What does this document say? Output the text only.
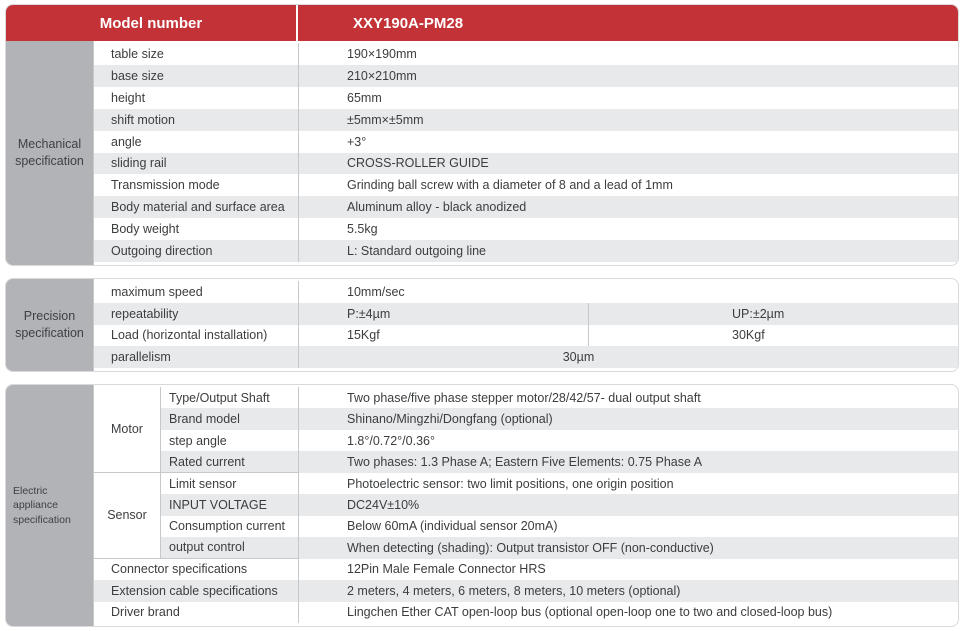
Model number	XXY190A-PM28
Mechanical
specification
table size	190×190mm
base size	210×210mm
height	65mm
shift motion	±5mm×±5mm
angle	+3°
sliding rail	CROSS-ROLLER GUIDE
Transmission mode	Grinding ball screw with a diameter of 8 and a lead of 1mm
Body material and surface area	Aluminum alloy - black anodized
Body weight	5.5kg
Outgoing direction	L: Standard outgoing line
Precision
specification
maximum speed	10mm/sec
repeatability	P:±4µm	UP:±2µm
Load (horizontal installation)	15Kgf	30Kgf
parallelism	30µm
Electric appliance
specification
Motor
Sensor
Type/Output Shaft	Two phase/five phase stepper motor/28/42/57- dual output shaft
Brand model	Shinano/Mingzhi/Dongfang (optional)
step angle	1.8°/0.72°/0.36°
Rated current	Two phases: 1.3 Phase A; Eastern Five Elements: 0.75 Phase A
Limit sensor	Photoelectric sensor: two limit positions, one origin position
INPUT VOLTAGE	DC24V±10%
Consumption current	Below 60mA (individual sensor 20mA)
output control	When detecting (shading): Output transistor OFF (non-conductive)
Connector specifications	12Pin Male Female Connector HRS
Extension cable specifications	2 meters, 4 meters, 6 meters, 8 meters, 10 meters (optional)
Driver brand	Lingchen Ether CAT open-loop bus (optional open-loop one to two and closed-loop bus)
